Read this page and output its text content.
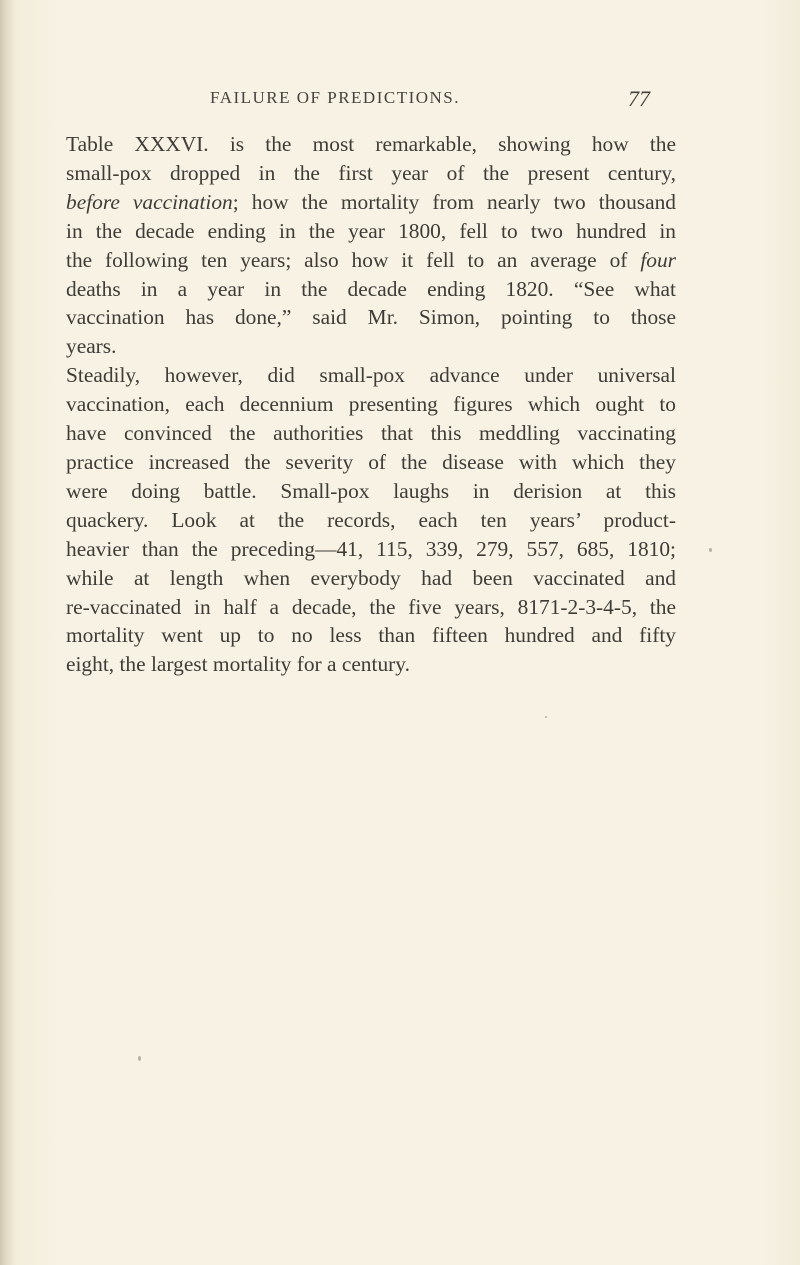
FAILURE OF PREDICTIONS.	77
Table XXXVI. is the most remarkable, showing how the
small-pox dropped in the first year of the present century,
before vaccination; how the mortality from nearly two thousand
in the decade ending in the year 1800, fell to two hundred in
the following ten years; also how it fell to an average of four
deaths in a year in the decade ending 1820. “See what
vaccination has done,” said Mr. Simon, pointing to those
years.
Steadily, however, did small-pox advance under universal
vaccination, each decennium presenting figures which ought to
have convinced the authorities that this meddling vaccinating
practice increased the severity of the disease with which they
were doing battle. Small-pox laughs in derision at this
quackery. Look at the records, each ten years’ product-
heavier than the preceding—41, 115, 339, 279, 557, 685, 1810;
while at length when everybody had been vaccinated and
re-vaccinated in half a decade, the five years, 8171-2-3-4-5, the
mortality went up to no less than fifteen hundred and fifty
eight, the largest mortality for a century.
